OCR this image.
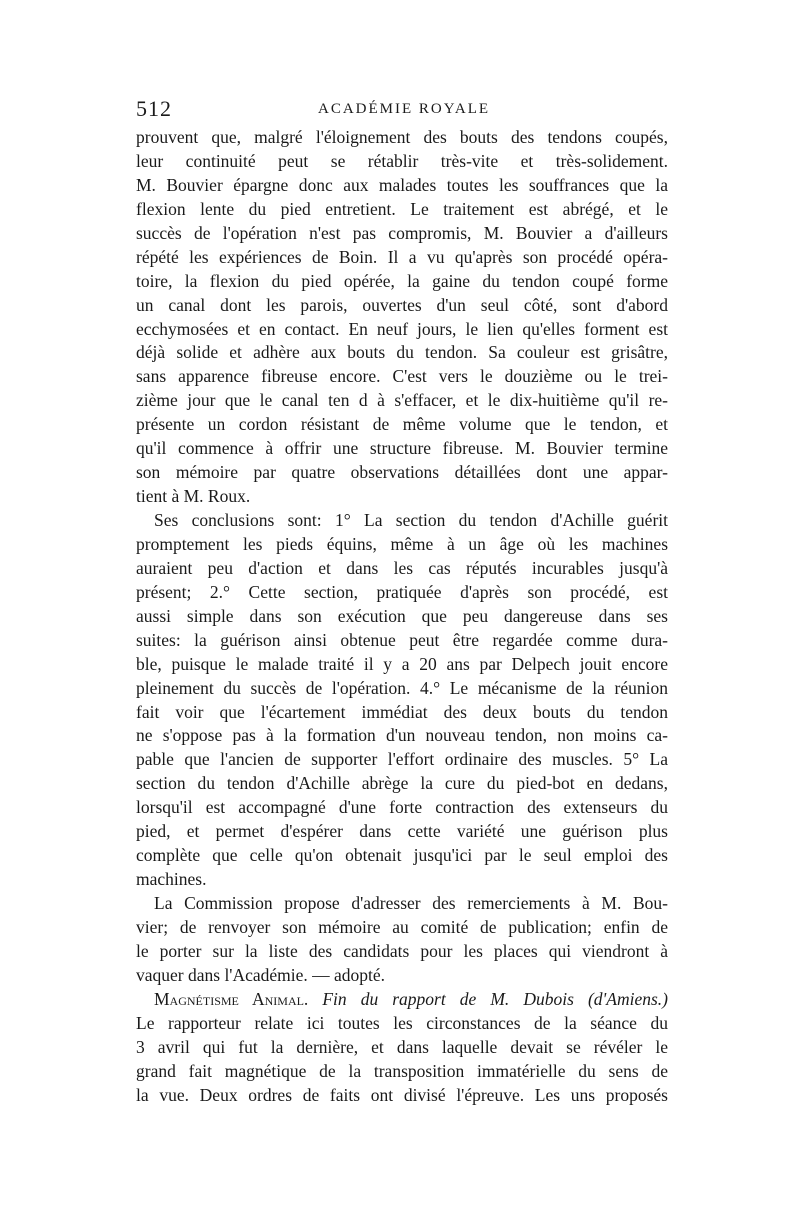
512	ACADÉMIE ROYALE
prouvent que, malgré l'éloignement des bouts des tendons coupés,
leur continuité peut se rétablir très-vite et très-solidement.
M. Bouvier épargne donc aux malades toutes les souffrances que la
flexion lente du pied entretient. Le traitement est abrégé, et le
succès de l'opération n'est pas compromis, M. Bouvier a d'ailleurs
répété les expériences de Boin. Il a vu qu'après son procédé opéra-
toire, la flexion du pied opérée, la gaine du tendon coupé forme
un canal dont les parois, ouvertes d'un seul côté, sont d'abord
ecchymosées et en contact. En neuf jours, le lien qu'elles forment est
déjà solide et adhère aux bouts du tendon. Sa couleur est grisâtre,
sans apparence fibreuse encore. C'est vers le douzième ou le trei-
zième jour que le canal ten d à s'effacer, et le dix-huitième qu'il re-
présente un cordon résistant de même volume que le tendon, et
qu'il commence à offrir une structure fibreuse. M. Bouvier termine
son mémoire par quatre observations détaillées dont une appar-
tient à M. Roux.
Ses conclusions sont: 1° La section du tendon d'Achille guérit
promptement les pieds équins, même à un âge où les machines
auraient peu d'action et dans les cas réputés incurables jusqu'à
présent; 2.° Cette section, pratiquée d'après son procédé, est
aussi simple dans son exécution que peu dangereuse dans ses
suites: la guérison ainsi obtenue peut être regardée comme dura-
ble, puisque le malade traité il y a 20 ans par Delpech jouit encore
pleinement du succès de l'opération. 4.° Le mécanisme de la réunion
fait voir que l'écartement immédiat des deux bouts du tendon
ne s'oppose pas à la formation d'un nouveau tendon, non moins ca-
pable que l'ancien de supporter l'effort ordinaire des muscles. 5° La
section du tendon d'Achille abrège la cure du pied-bot en dedans,
lorsqu'il est accompagné d'une forte contraction des extenseurs du
pied, et permet d'espérer dans cette variété une guérison plus
complète que celle qu'on obtenait jusqu'ici par le seul emploi des
machines.
La Commission propose d'adresser des remerciements à M. Bou-
vier; de renvoyer son mémoire au comité de publication; enfin de
le porter sur la liste des candidats pour les places qui viendront à
vaquer dans l'Académie. — adopté.
Magnétisme Animal. Fin du rapport de M. Dubois (d'Amiens.)
Le rapporteur relate ici toutes les circonstances de la séance du
3 avril qui fut la dernière, et dans laquelle devait se révéler le
grand fait magnétique de la transposition immatérielle du sens de
la vue. Deux ordres de faits ont divisé l'épreuve. Les uns proposés
